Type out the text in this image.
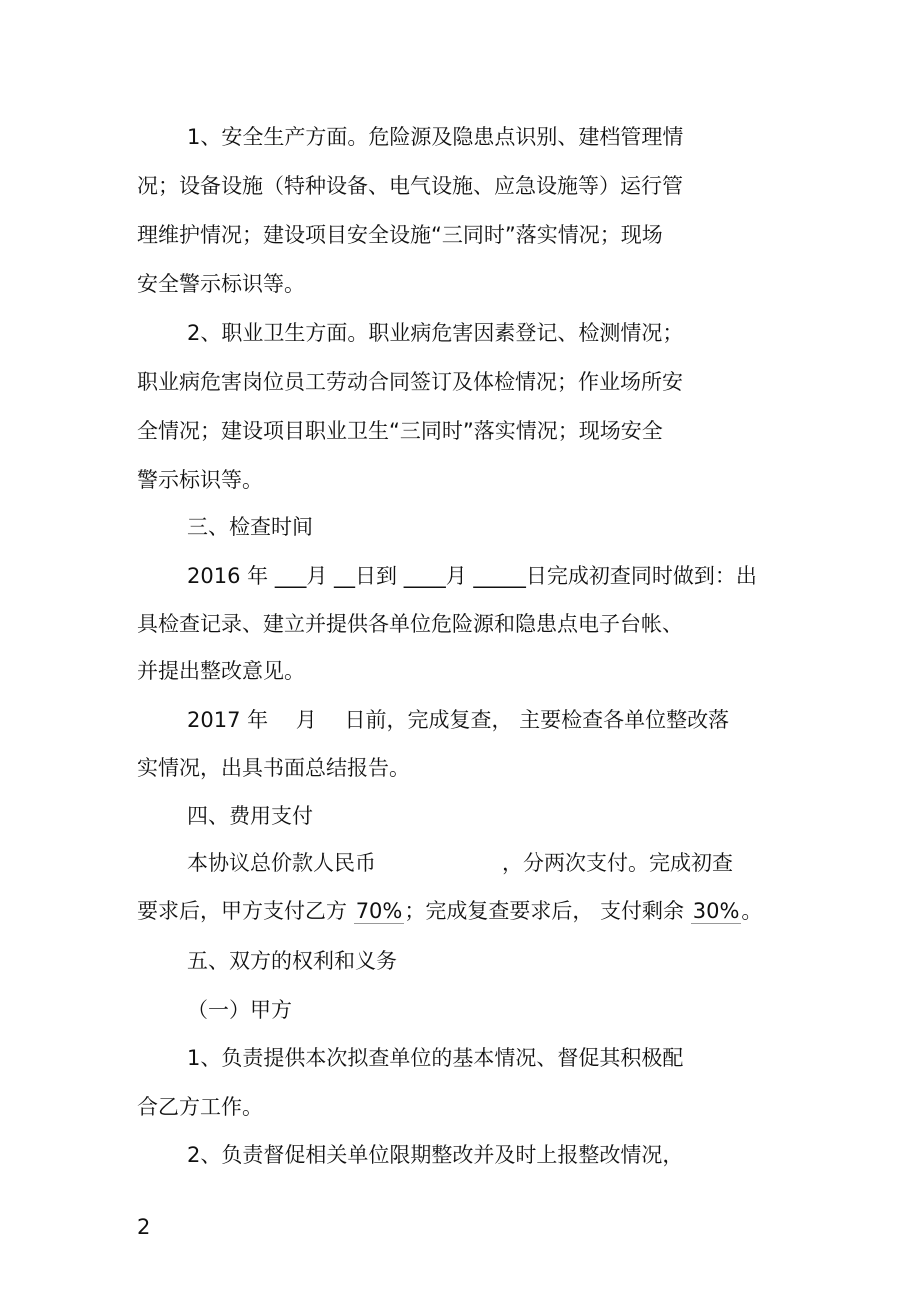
1、安全生产方面。危险源及隐患点识别、建档管理情
况；设备设施（特种设备、电气设施、应急设施等）运行管
理维护情况；建设项目安全设施“三同时”落实情况；现场
安全警示标识等。
2、职业卫生方面。职业病危害因素登记、检测情况；
职业病危害岗位员工劳动合同签订及体检情况；作业场所安
全情况；建设项目职业卫生“三同时”落实情况；现场安全
警示标识等。
三、检查时间
2016 年 ___月 __日到 ____月 _____日完成初查同时做到：出
具检查记录、建立并提供各单位危险源和隐患点电子台帐、
并提出整改意见。
2017 年　 月　 日前，完成复查， 主要检查各单位整改落
实情况，出具书面总结报告。
四、费用支付
本协议总价款人民币　　　　　　，分两次支付。完成初查
要求后，甲方支付乙方 70%；完成复查要求后， 支付剩余 30%。
五、双方的权利和义务
（一）甲方
1、负责提供本次拟查单位的基本情况、督促其积极配
合乙方工作。
2、负责督促相关单位限期整改并及时上报整改情况，
2
